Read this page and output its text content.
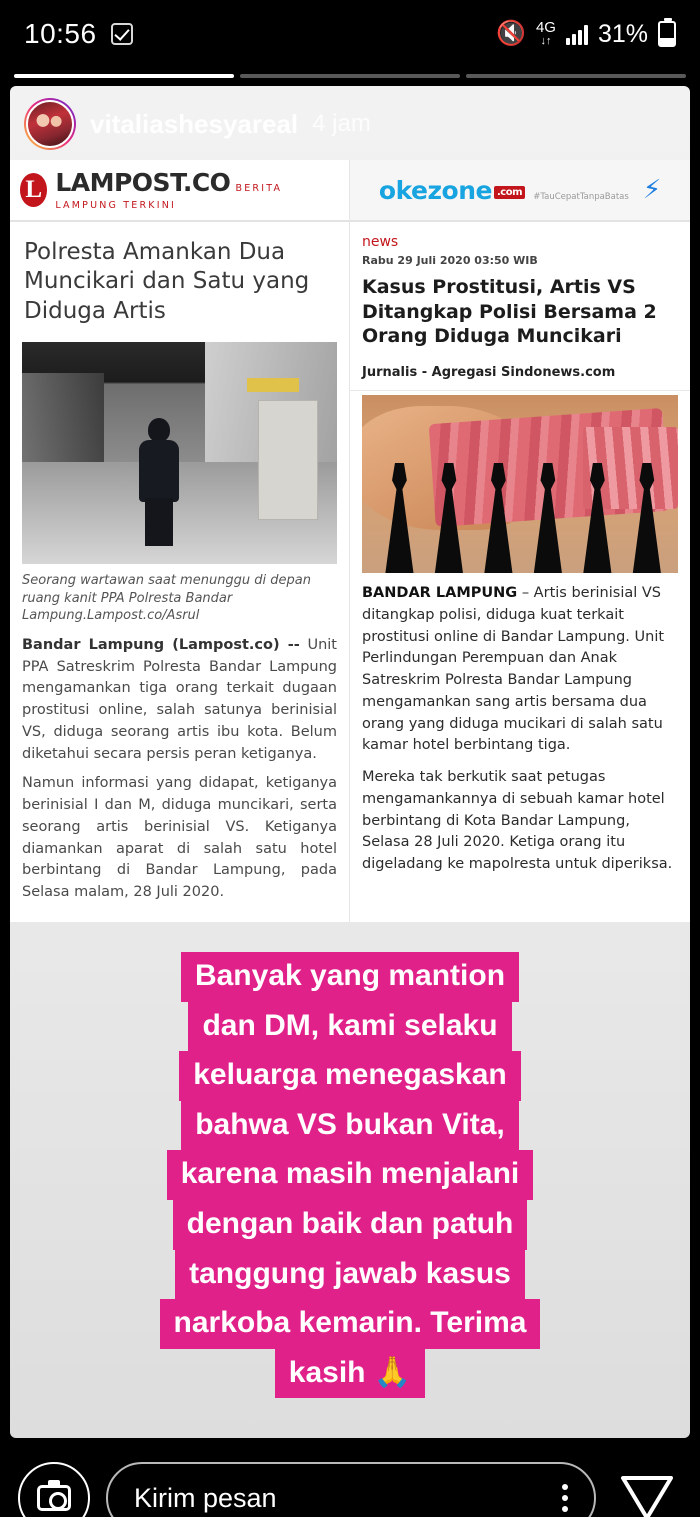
10:56	🔇 4G
↓↑ 31%
vitaliashesyareal 4 jam
L LAMPOST.CO BERITA LAMPUNG TERKINI
Polresta Amankan Dua Muncikari dan Satu yang Diduga Artis
Seorang wartawan saat menunggu di depan ruang kanit PPA Polresta Bandar Lampung.Lampost.co/Asrul

Bandar Lampung (Lampost.co) -- Unit PPA Satreskrim Polresta Bandar Lampung mengamankan tiga orang terkait dugaan prostitusi online, salah satunya berinisial VS, diduga seorang artis ibu kota. Belum diketahui secara persis peran ketiganya.

Namun informasi yang didapat, ketiganya berinisial I dan M, diduga muncikari, serta seorang artis berinisial VS. Ketiganya diamankan aparat di salah satu hotel berbintang di Bandar Lampung, pada Selasa malam, 28 Juli 2020.

okezone .com #TauCepatTanpaBatas ⚡
news
Rabu 29 Juli 2020 03:50 WIB
Kasus Prostitusi, Artis VS Ditangkap Polisi Bersama 2 Orang Diduga Muncikari
Jurnalis - Agregasi Sindonews.com

BANDAR LAMPUNG – Artis berinisial VS ditangkap polisi, diduga kuat terkait prostitusi online di Bandar Lampung. Unit Perlindungan Perempuan dan Anak Satreskrim Polresta Bandar Lampung mengamankan sang artis bersama dua orang yang diduga mucikari di salah satu kamar hotel berbintang tiga.

Mereka tak berkutik saat petugas mengamankannya di sebuah kamar hotel berbintang di Kota Bandar Lampung, Selasa 28 Juli 2020. Ketiga orang itu digeladang ke mapolresta untuk diperiksa.

Banyak yang mantion
dan DM, kami selaku
keluarga menegaskan
bahwa VS bukan Vita,
karena masih menjalani
dengan baik dan patuh
tanggung jawab kasus
narkoba kemarin. Terima
kasih 🙏
Kirim pesan
